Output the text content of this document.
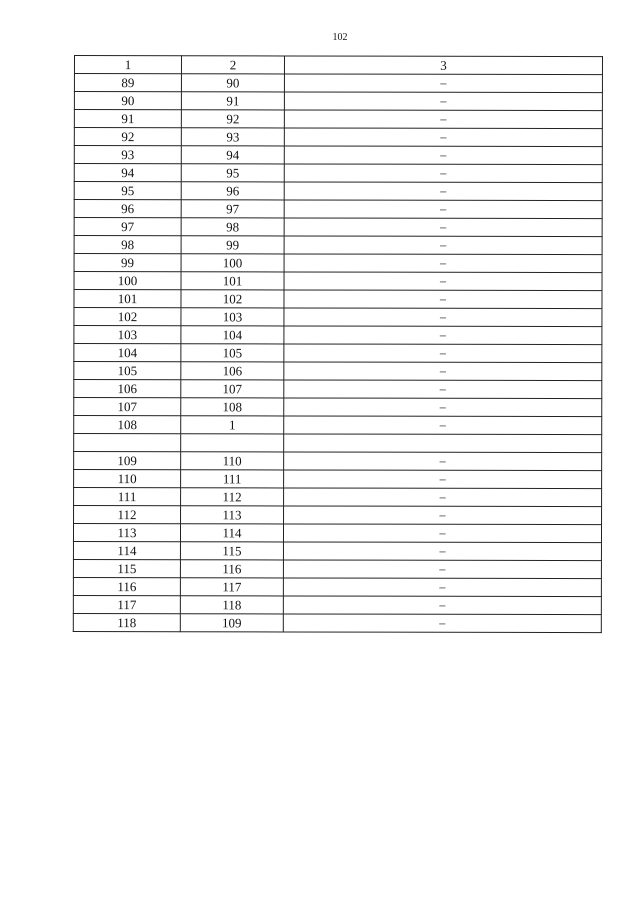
102
1	2	3
89	90	–
90	91	–
91	92	–
92	93	–
93	94	–
94	95	–
95	96	–
96	97	–
97	98	–
98	99	–
99	100	–
100	101	–
101	102	–
102	103	–
103	104	–
104	105	–
105	106	–
106	107	–
107	108	–
108	1	–

109	110	–
110	111	–
111	112	–
112	113	–
113	114	–
114	115	–
115	116	–
116	117	–
117	118	–
118	109	–
